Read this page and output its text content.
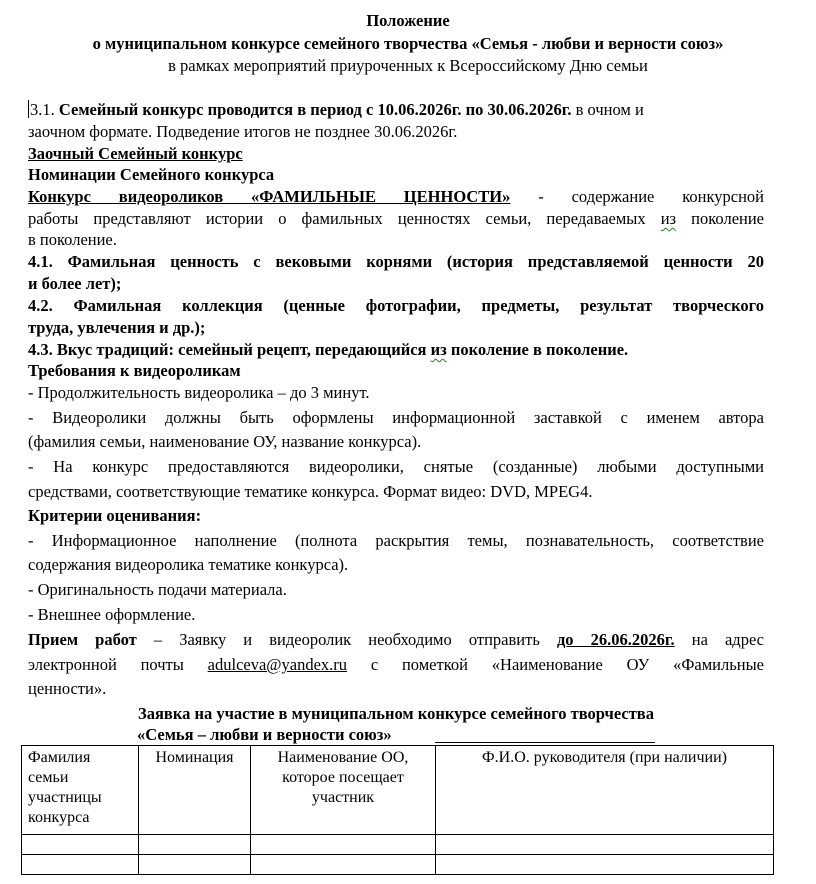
Положение
о муниципальном конкурсе семейного творчества «Семья - любви и верности союз»
в рамках мероприятий приуроченных к Всероссийскому Дню семьи
3.1. Семейный конкурс проводится в период с 10.06.2026г. по 30.06.2026г. в очном и
заочном формате. Подведение итогов не позднее 30.06.2026г.
Заочный Семейный конкурс
Номинации Семейного конкурса
Конкурс видеороликов «ФАМИЛЬНЫЕ ЦЕННОСТИ» - содержание конкурсной
работы представляют истории о фамильных ценностях семьи, передаваемых из поколение
в поколение.
4.1. Фамильная ценность с вековыми корнями (история представляемой ценности 20
и более лет);
4.2. Фамильная коллекция (ценные фотографии, предметы, результат творческого
труда, увлечения и др.);
4.3. Вкус традиций: семейный рецепт, передающийся из поколение в поколение.
Требования к видеороликам
- Продолжительность видеоролика – до 3 минут.
- Видеоролики должны быть оформлены информационной заставкой с именем автора
(фамилия семьи, наименование ОУ, название конкурса).
- На конкурс предоставляются видеоролики, снятые (созданные) любыми доступными
средствами, соответствующие тематике конкурса. Формат видео: DVD, MPEG4.
Критерии оценивания:
- Информационное наполнение (полнота раскрытия темы, познавательность, соответствие
содержания видеоролика тематике конкурса).
- Оригинальность подачи материала.
- Внешнее оформление.
Прием работ – Заявку и видеоролик необходимо отправить до 26.06.2026г. на адрес
электронной почты adulceva@yandex.ru с пометкой «Наименование ОУ «Фамильные
ценности».
Заявка на участие в муниципальном конкурсе семейного творчества
«Семья – любви и верности союз»
Фамилия семьи участницы конкурса	Номинация	Наименование ОО, которое посещает участник	Ф.И.О. руководителя (при наличии)
